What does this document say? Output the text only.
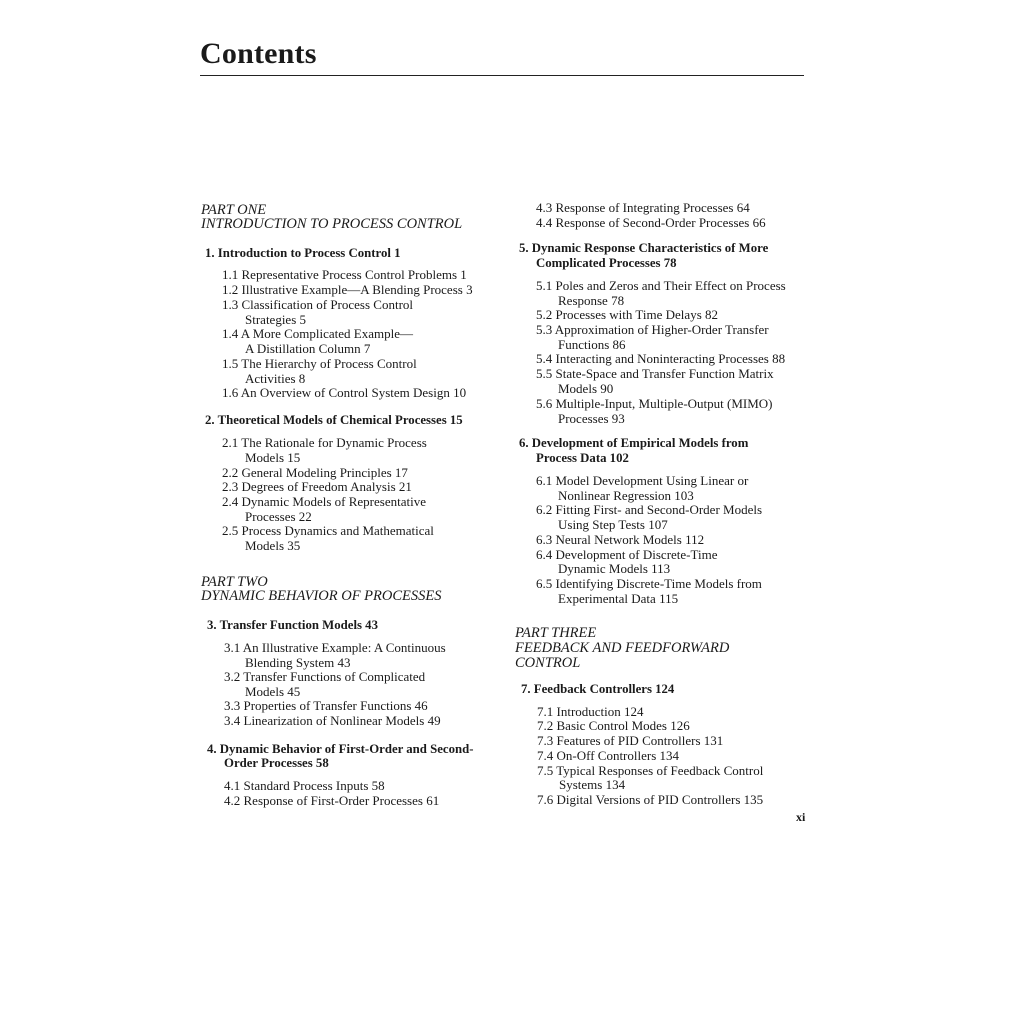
Contents
PART ONE
INTRODUCTION TO PROCESS CONTROL
1. Introduction to Process Control 1
1.1 Representative Process Control Problems 1
1.2 Illustrative Example—A Blending Process 3
1.3 Classification of Process Control
Strategies 5
1.4 A More Complicated Example—
A Distillation Column 7
1.5 The Hierarchy of Process Control
Activities 8
1.6 An Overview of Control System Design 10
2. Theoretical Models of Chemical Processes 15
2.1 The Rationale for Dynamic Process
Models 15
2.2 General Modeling Principles 17
2.3 Degrees of Freedom Analysis 21
2.4 Dynamic Models of Representative
Processes 22
2.5 Process Dynamics and Mathematical
Models 35
PART TWO
DYNAMIC BEHAVIOR OF PROCESSES
3. Transfer Function Models 43
3.1 An Illustrative Example: A Continuous
Blending System 43
3.2 Transfer Functions of Complicated
Models 45
3.3 Properties of Transfer Functions 46
3.4 Linearization of Nonlinear Models 49
4. Dynamic Behavior of First-Order and Second-
Order Processes 58
4.1 Standard Process Inputs 58
4.2 Response of First-Order Processes 61
4.3 Response of Integrating Processes 64
4.4 Response of Second-Order Processes 66
5. Dynamic Response Characteristics of More
Complicated Processes 78
5.1 Poles and Zeros and Their Effect on Process
Response 78
5.2 Processes with Time Delays 82
5.3 Approximation of Higher-Order Transfer
Functions 86
5.4 Interacting and Noninteracting Processes 88
5.5 State-Space and Transfer Function Matrix
Models 90
5.6 Multiple-Input, Multiple-Output (MIMO)
Processes 93
6. Development of Empirical Models from
Process Data 102
6.1 Model Development Using Linear or
Nonlinear Regression 103
6.2 Fitting First- and Second-Order Models
Using Step Tests 107
6.3 Neural Network Models 112
6.4 Development of Discrete-Time
Dynamic Models 113
6.5 Identifying Discrete-Time Models from
Experimental Data 115
PART THREE
FEEDBACK AND FEEDFORWARD
CONTROL
7. Feedback Controllers 124
7.1 Introduction 124
7.2 Basic Control Modes 126
7.3 Features of PID Controllers 131
7.4 On-Off Controllers 134
7.5 Typical Responses of Feedback Control
Systems 134
7.6 Digital Versions of PID Controllers 135
xi
